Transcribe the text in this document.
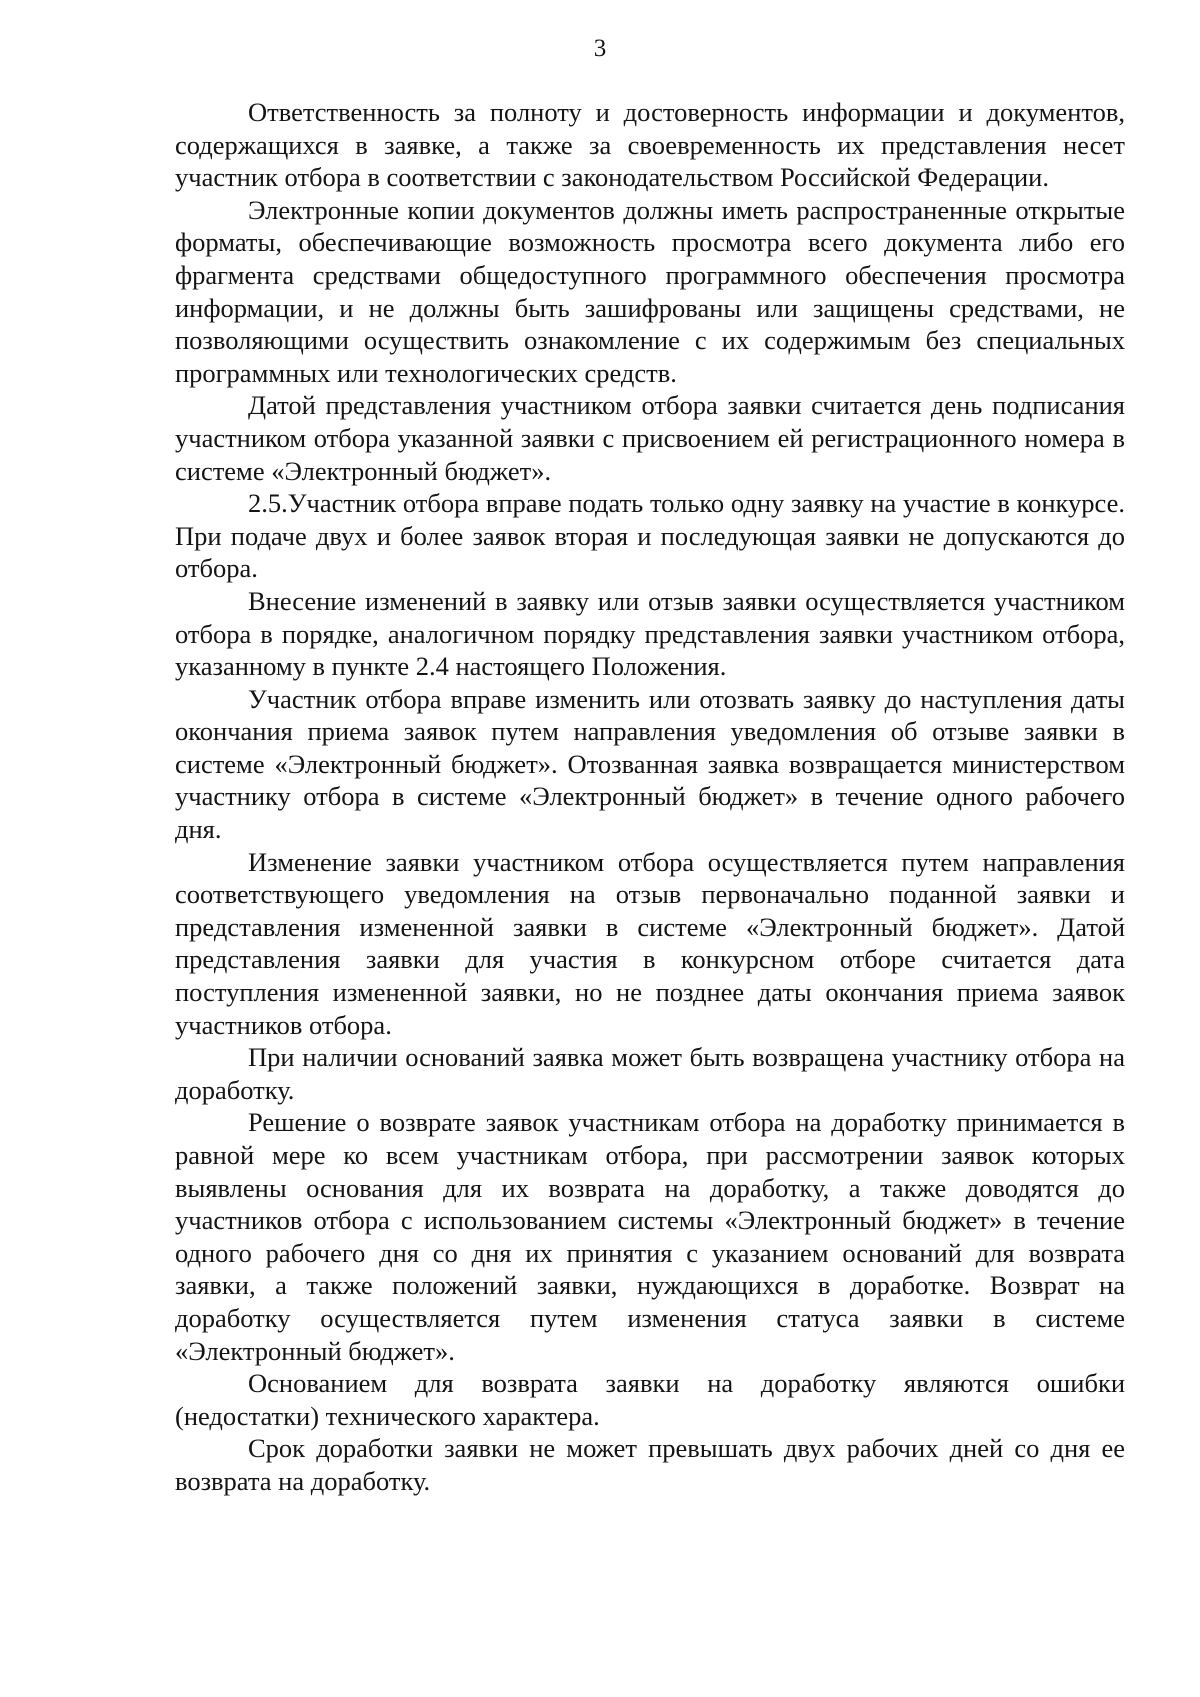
3

Ответственность за полноту и достоверность информации и документов, содержащихся в заявке, а также за своевременность их представления несет участник отбора в соответствии с законодательством Российской Федерации.

Электронные копии документов должны иметь распространенные открытые форматы, обеспечивающие возможность просмотра всего документа либо его фрагмента средствами общедоступного программного обеспечения просмотра информации, и не должны быть зашифрованы или защищены средствами, не позволяющими осуществить ознакомление с их содержимым без специальных программных или технологических средств.

Датой представления участником отбора заявки считается день подписания участником отбора указанной заявки с присвоением ей регистрационного номера в системе «Электронный бюджет».

2.5.Участник отбора вправе подать только одну заявку на участие в конкурсе. При подаче двух и более заявок вторая и последующая заявки не допускаются до отбора.

Внесение изменений в заявку или отзыв заявки осуществляется участником отбора в порядке, аналогичном порядку представления заявки участником отбора, указанному в пункте 2.4 настоящего Положения.

Участник отбора вправе изменить или отозвать заявку до наступления даты окончания приема заявок путем направления уведомления об отзыве заявки в системе «Электронный бюджет». Отозванная заявка возвращается министерством участнику отбора в системе «Электронный бюджет» в течение одного рабочего дня.

Изменение заявки участником отбора осуществляется путем направления соответствующего уведомления на отзыв первоначально поданной заявки и представления измененной заявки в системе «Электронный бюджет». Датой представления заявки для участия в конкурсном отборе считается дата поступления измененной заявки, но не позднее даты окончания приема заявок участников отбора.

При наличии оснований заявка может быть возвращена участнику отбора на доработку.

Решение о возврате заявок участникам отбора на доработку принимается в равной мере ко всем участникам отбора, при рассмотрении заявок которых выявлены основания для их возврата на доработку, а также доводятся до участников отбора с использованием системы «Электронный бюджет» в течение одного рабочего дня со дня их принятия с указанием оснований для возврата заявки, а также положений заявки, нуждающихся в доработке. Возврат на доработку осуществляется путем изменения статуса заявки в системе «Электронный бюджет».

Основанием для возврата заявки на доработку являются ошибки (недостатки) технического характера.

Срок доработки заявки не может превышать двух рабочих дней со дня ее возврата на доработку.
